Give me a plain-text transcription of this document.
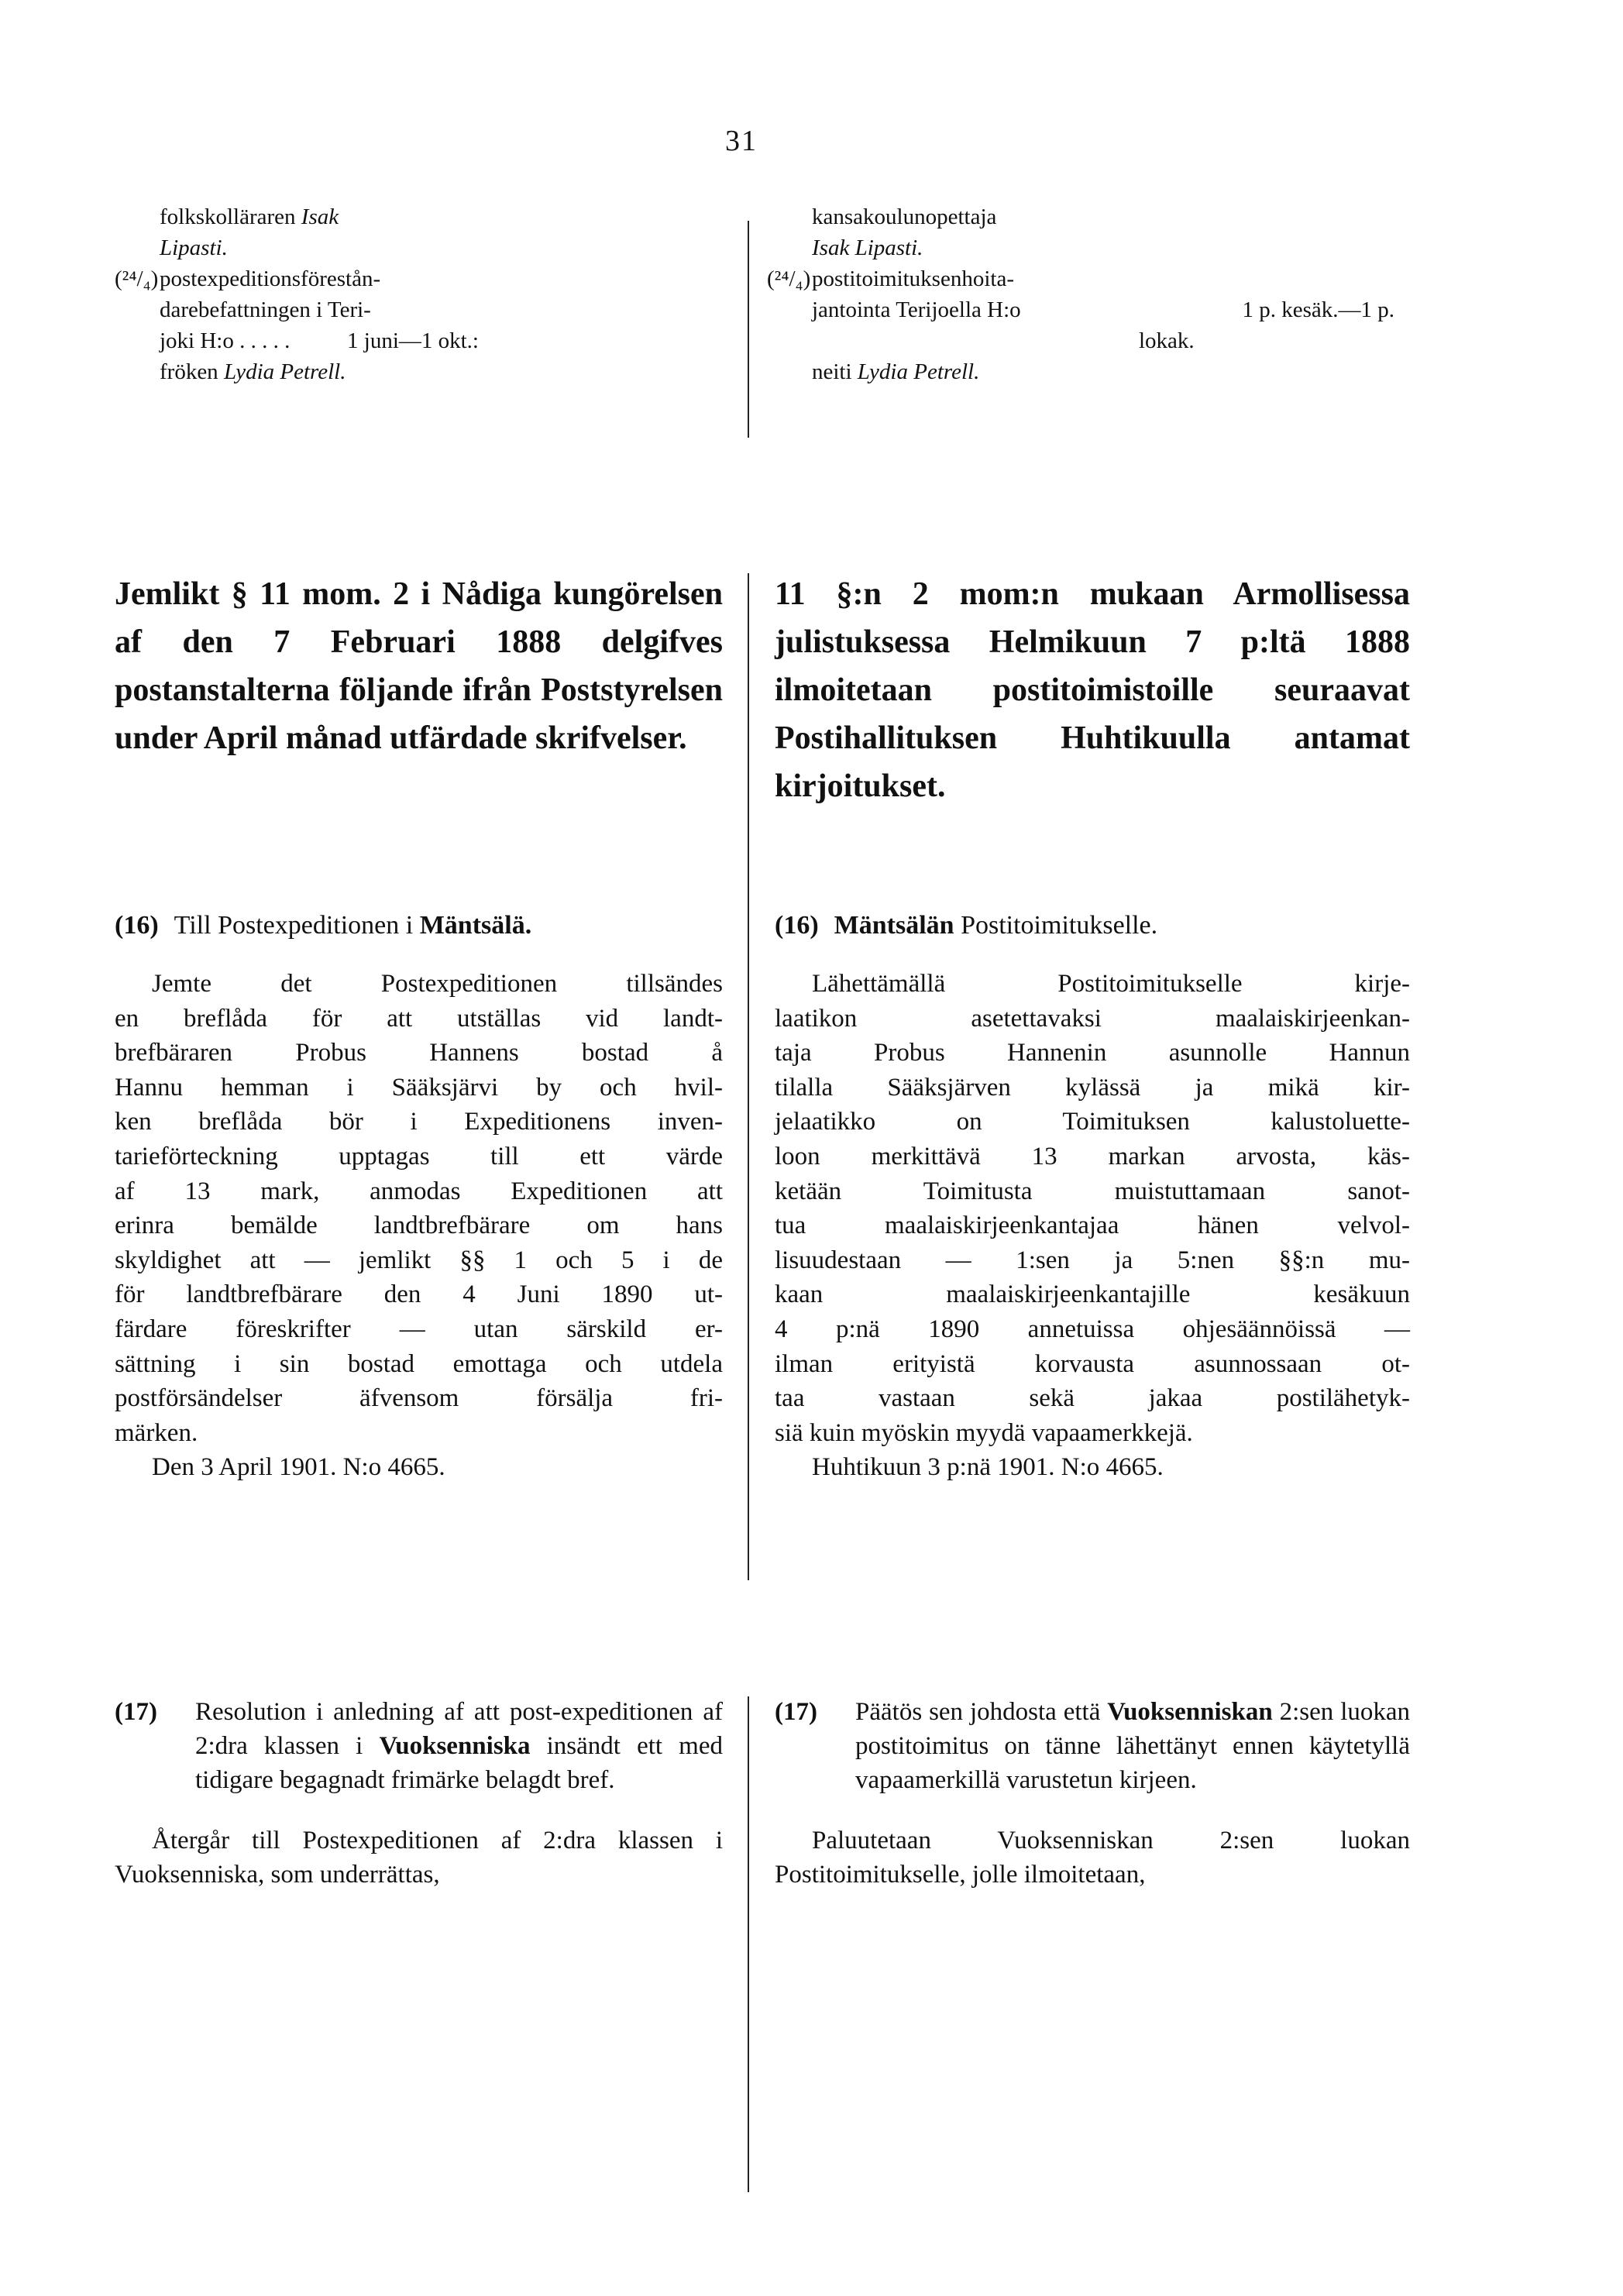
31
folkskolläraren Isak
Lipasti.
(²⁴/₄) postexpeditionsförestån-
darebefattningen i Teri-
joki H:o . . . . .	1 juni—1 okt.:
fröken Lydia Petrell.
kansakoulunopettaja
Isak Lipasti.
(²⁴/₄) postitoimituksenhoita-
jantointa Terijoella H:o	1 p. kesäk.—1 p.
lokak.
neiti Lydia Petrell.
Jemlikt § 11 mom. 2 i Nådiga kungörelsen af den 7 Februari 1888 delgifves postanstalterna följande ifrån Poststyrelsen under April månad utfärdade skrifvelser.
11 §:n 2 mom:n mukaan Armollisessa julistuksessa Helmikuun 7 p:ltä 1888 ilmoitetaan postitoimistoille seuraavat Postihallituksen Huhtikuulla antamat kirjoitukset.
(16) Till Postexpeditionen i Mäntsälä.
Jemte det Postexpeditionen tillsändes
en breflåda för att utställas vid landt-
brefbäraren Probus Hannens bostad å
Hannu hemman i Sääksjärvi by och hvil-
ken breflåda bör i Expeditionens inven-
tarieförteckning upptagas till ett värde
af 13 mark, anmodas Expeditionen att
erinra bemälde landtbrefbärare om hans
skyldighet att — jemlikt §§ 1 och 5 i de
för landtbrefbärare den 4 Juni 1890 ut-
färdare föreskrifter — utan särskild er-
sättning i sin bostad emottaga och utdela
postförsändelser äfvensom försälja fri-
märken.
Den 3 April 1901. N:o 4665.
(16) Mäntsälän Postitoimitukselle.
Lähettämällä Postitoimitukselle kirje-
laatikon asetettavaksi maalaiskirjeenkan-
taja Probus Hannenin asunnolle Hannun
tilalla Sääksjärven kylässä ja mikä kir-
jelaatikko on Toimituksen kalustoluette-
loon merkittävä 13 markan arvosta, käs-
ketään Toimitusta muistuttamaan sanot-
tua maalaiskirjeenkantajaa hänen velvol-
lisuudestaan — 1:sen ja 5:nen §§:n mu-
kaan maalaiskirjeenkantajille kesäkuun
4 p:nä 1890 annetuissa ohjesäännöissä —
ilman erityistä korvausta asunnossaan ot-
taa vastaan sekä jakaa postilähetyk-
siä kuin myöskin myydä vapaamerkkejä.
Huhtikuun 3 p:nä 1901. N:o 4665.
(17)	Resolution i anledning af att post-expeditionen af 2:dra klassen i Vuoksenniska insändt ett med tidigare begagnadt frimärke belagdt bref.

Återgår till Postexpeditionen af 2:dra klassen i Vuoksenniska, som underrättas,

(17)	Päätös sen johdosta että Vuoksenniskan 2:sen luokan postitoimitus on tänne lähettänyt ennen käytetyllä vapaamerkillä varustetun kirjeen.

Paluutetaan Vuoksenniskan 2:sen luokan Postitoimitukselle, jolle ilmoitetaan,
